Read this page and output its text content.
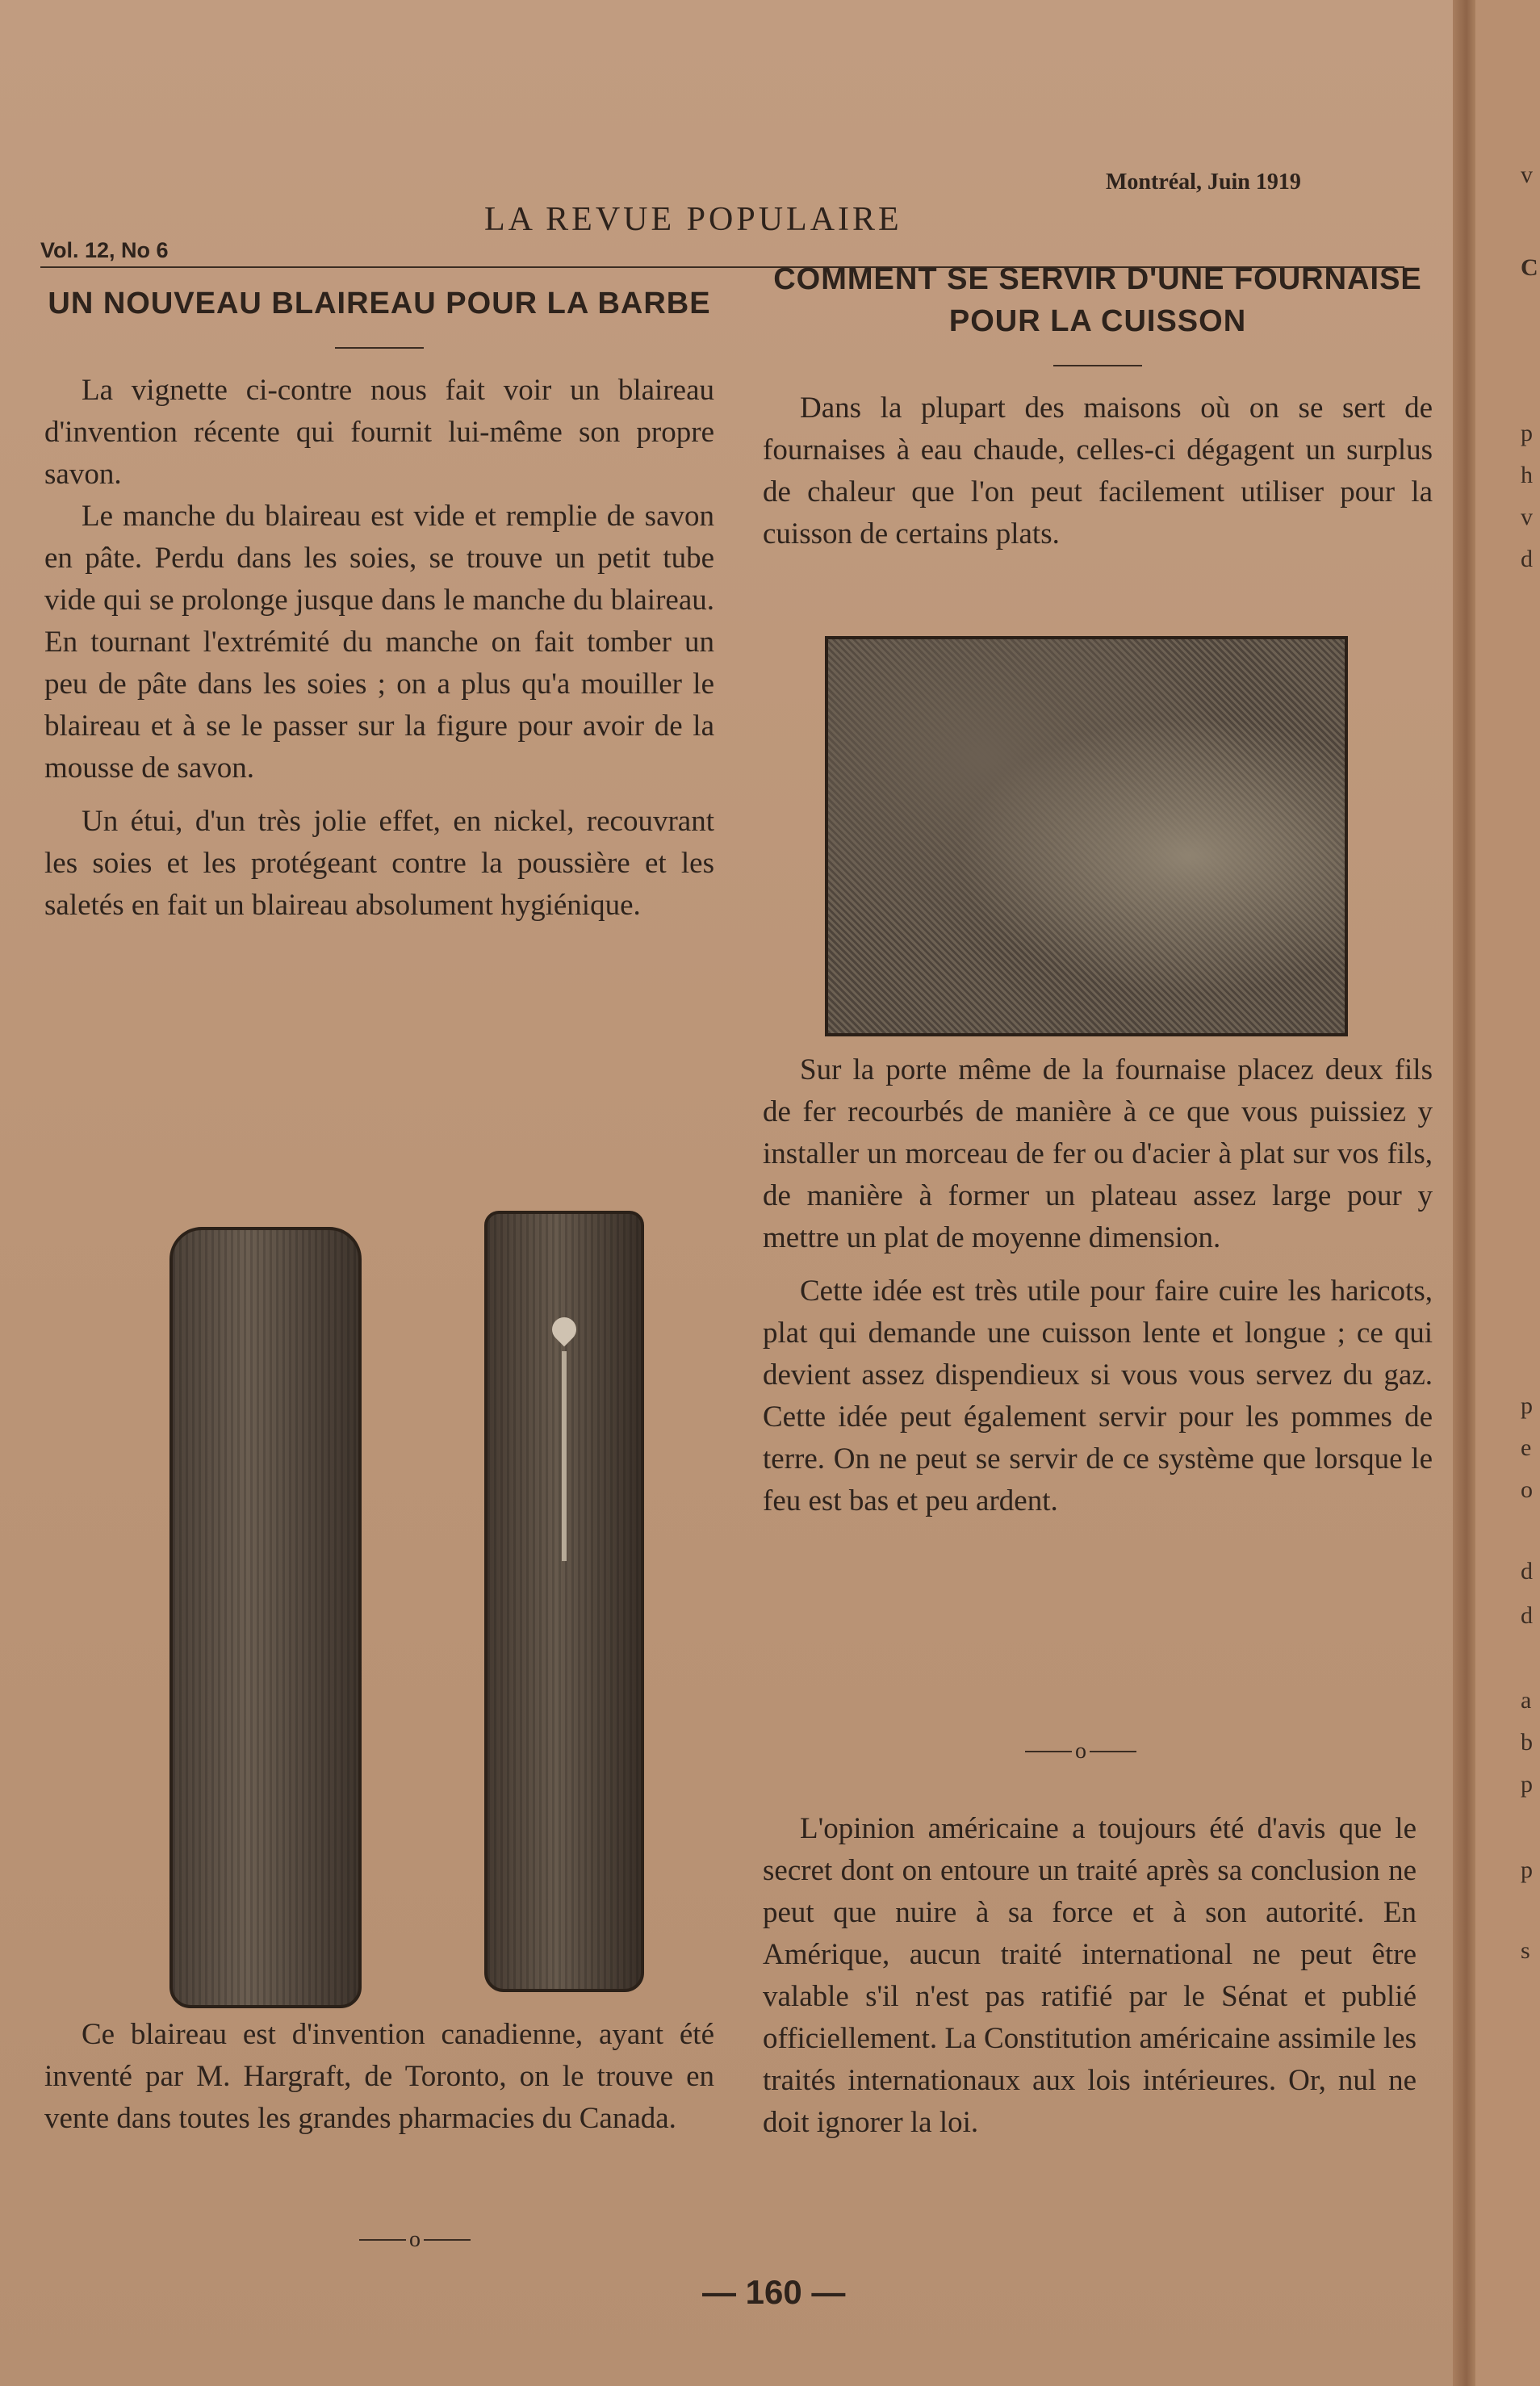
Vol. 12, No 6
LA REVUE POPULAIRE
Montréal, Juin 1919
UN NOUVEAU BLAIREAU POUR LA BARBE

La vignette ci-contre nous fait voir un blaireau d'invention récente qui fournit lui-même son propre savon.

Le manche du blaireau est vide et remplie de savon en pâte. Perdu dans les soies, se trouve un petit tube vide qui se prolonge jusque dans le manche du blaireau. En tournant l'extrémité du manche on fait tomber un peu de pâte dans les soies ; on a plus qu'a mouiller le blaireau et à se le passer sur la figure pour avoir de la mousse de savon.

Un étui, d'un très jolie effet, en nickel, recouvrant les soies et les protégeant contre la poussière et les saletés en fait un blaireau absolument hygiénique.

Ce blaireau est d'invention canadienne, ayant été inventé par M. Hargraft, de Toronto, on le trouve en vente dans toutes les grandes pharmacies du Canada.

o
COMMENT SE SERVIR D'UNE FOURNAISE POUR LA CUISSON

Dans la plupart des maisons où on se sert de fournaises à eau chaude, celles-ci dégagent un surplus de chaleur que l'on peut facilement utiliser pour la cuisson de certains plats.

Sur la porte même de la fournaise placez deux fils de fer recourbés de manière à ce que vous puissiez y installer un morceau de fer ou d'acier à plat sur vos fils, de manière à former un plateau assez large pour y mettre un plat de moyenne dimension.

Cette idée est très utile pour faire cuire les haricots, plat qui demande une cuisson lente et longue ; ce qui devient assez dispendieux si vous vous servez du gaz. Cette idée peut également servir pour les pommes de terre. On ne peut se servir de ce système que lorsque le feu est bas et peu ardent.

o

L'opinion américaine a toujours été d'avis que le secret dont on entoure un traité après sa conclusion ne peut que nuire à sa force et à son autorité. En Amérique, aucun traité international ne peut être valable s'il n'est pas ratifié par le Sénat et publié officiellement. La Constitution américaine assimile les traités internationaux aux lois intérieures. Or, nul ne doit ignorer la loi.

— 160 —
v
C
p
h
v
d
p
e
o
d
d
a
b
p
p
s
